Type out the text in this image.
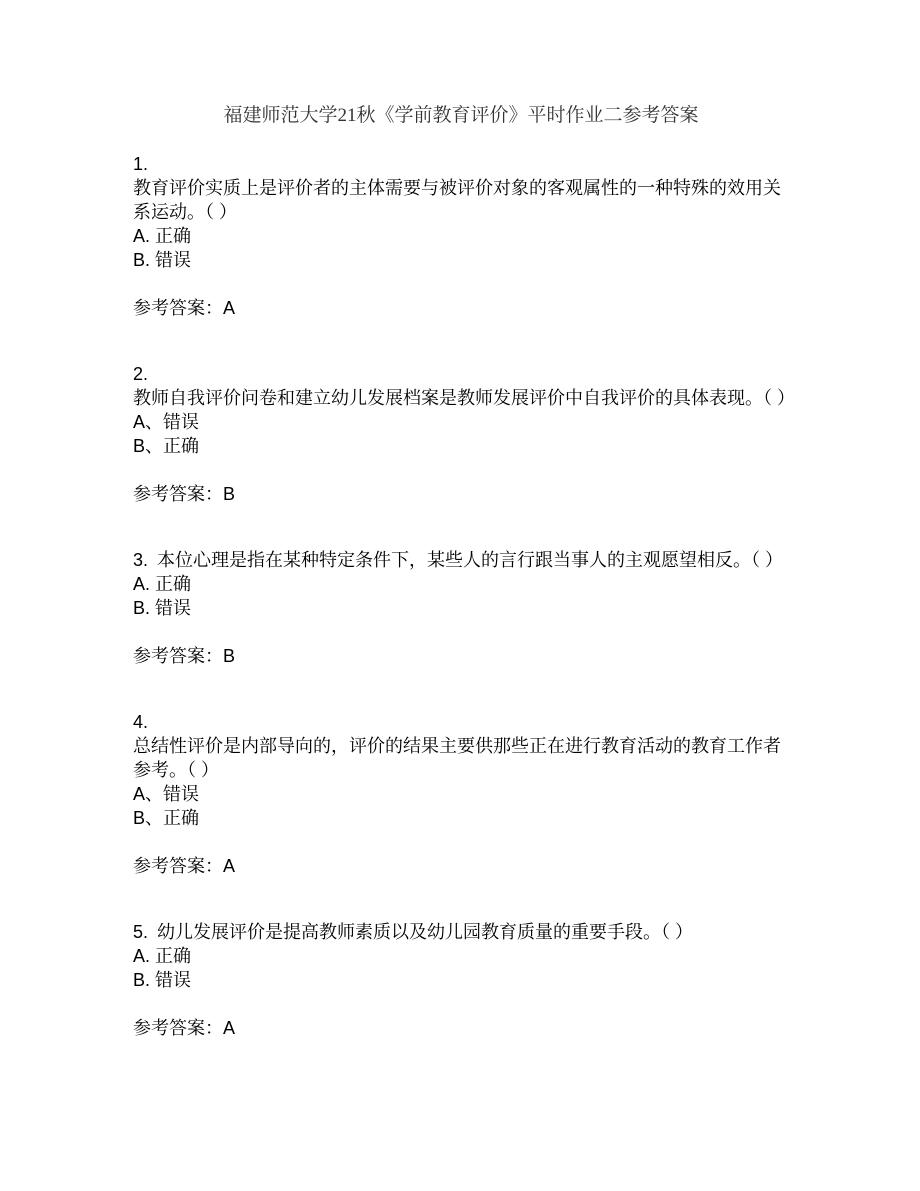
福建师范大学21秋《学前教育评价》平时作业二参考答案
1.
教育评价实质上是评价者的主体需要与被评价对象的客观属性的一种特殊的效用关系运动。（ ）
A. 正确
B. 错误
参考答案：A
2.
教师自我评价问卷和建立幼儿发展档案是教师发展评价中自我评价的具体表现。（ ）
A、错误
B、正确
参考答案：B
3. 本位心理是指在某种特定条件下，某些人的言行跟当事人的主观愿望相反。（ ）
A. 正确
B. 错误
参考答案：B
4.
总结性评价是内部导向的，评价的结果主要供那些正在进行教育活动的教育工作者参考。（ ）
A、错误
B、正确
参考答案：A
5. 幼儿发展评价是提高教师素质以及幼儿园教育质量的重要手段。（ ）
A. 正确
B. 错误
参考答案：A
